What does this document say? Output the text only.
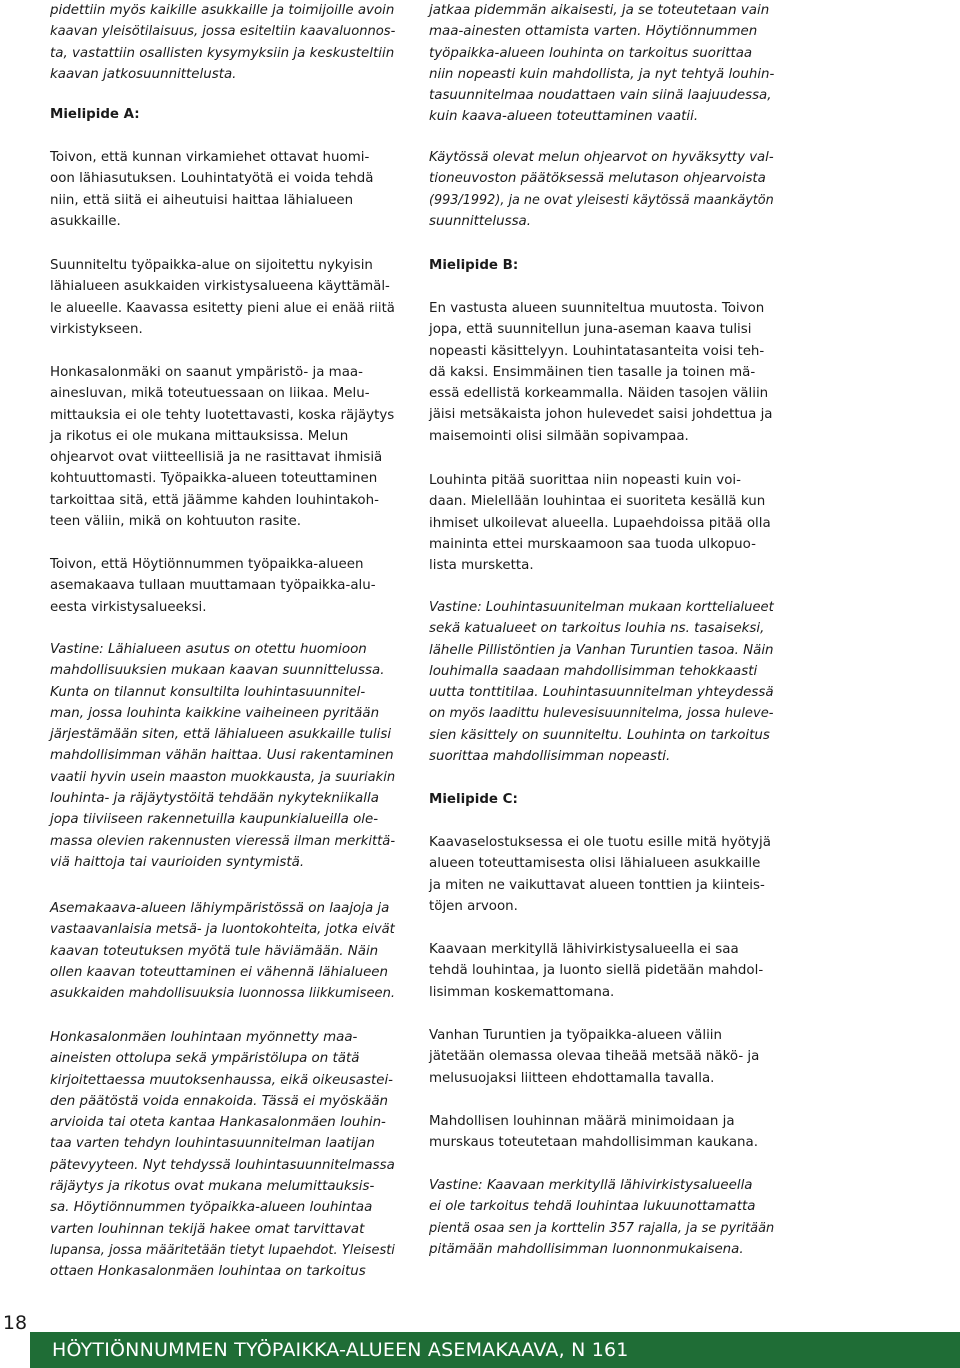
pidettiin myös kaikille asukkaille ja toimijoille avoin
kaavan yleisötilaisuus, jossa esiteltiin kaavaluonnos-
ta, vastattiin osallisten kysymyksiin ja keskusteltiin
kaavan jatkosuunnittelusta.
Mielipide A:
Toivon, että kunnan virkamiehet ottavat huomi-
oon lähiasutuksen. Louhintatyötä ei voida tehdä
niin, että siitä ei aiheutuisi haittaa lähialueen
asukkaille.
Suunniteltu työpaikka-alue on sijoitettu nykyisin
lähialueen asukkaiden virkistysalueena käyttämäl-
le alueelle. Kaavassa esitetty pieni alue ei enää riitä
virkistykseen.
Honkasalonmäki on saanut ympäristö- ja maa-
ainesluvan, mikä toteutuessaan on liikaa. Melu-
mittauksia ei ole tehty luotettavasti, koska räjäytys
ja rikotus ei ole mukana mittauksissa. Melun
ohjearvot ovat viitteellisiä ja ne rasittavat ihmisiä
kohtuuttomasti. Työpaikka-alueen toteuttaminen
tarkoittaa sitä, että jäämme kahden louhintakoh-
teen väliin, mikä on kohtuuton rasite.
Toivon, että Höytiönnummen työpaikka-alueen
asemakaava tullaan muuttamaan työpaikka-alu-
eesta virkistysalueeksi.
Vastine: Lähialueen asutus on otettu huomioon
mahdollisuuksien mukaan kaavan suunnittelussa.
Kunta on tilannut konsultilta louhintasuunnitel-
man, jossa louhinta kaikkine vaiheineen pyritään
järjestämään siten, että lähialueen asukkaille tulisi
mahdollisimman vähän haittaa. Uusi rakentaminen
vaatii hyvin usein maaston muokkausta, ja suuriakin
louhinta- ja räjäytystöitä tehdään nykytekniikalla
jopa tiiviiseen rakennetuilla kaupunkialueilla ole-
massa olevien rakennusten vieressä ilman merkittä-
viä haittoja tai vaurioiden syntymistä.
Asemakaava-alueen lähiympäristössä on laajoja ja
vastaavanlaisia metsä- ja luontokohteita, jotka eivät
kaavan toteutuksen myötä tule häviämään. Näin
ollen kaavan toteuttaminen ei vähennä lähialueen
asukkaiden mahdollisuuksia luonnossa liikkumiseen.
Honkasalonmäen louhintaan myönnetty maa-
aineisten ottolupa sekä ympäristölupa on tätä
kirjoitettaessa muutoksenhaussa, eikä oikeusastei-
den päätöstä voida ennakoida. Tässä ei myöskään
arvioida tai oteta kantaa Hankasalonmäen louhin-
taa varten tehdyn louhintasuunnitelman laatijan
pätevyyteen. Nyt tehdyssä louhintasuunnitelmassa
räjäytys ja rikotus ovat mukana melumittauksis-
sa. Höytiönnummen työpaikka-alueen louhintaa
varten louhinnan tekijä hakee omat tarvittavat
lupansa, jossa määritetään tietyt lupaehdot. Yleisesti
ottaen Honkasalonmäen louhintaa on tarkoitus
jatkaa pidemmän aikaisesti, ja se toteutetaan vain
maa-ainesten ottamista varten. Höytiönnummen
työpaikka-alueen louhinta on tarkoitus suorittaa
niin nopeasti kuin mahdollista, ja nyt tehtyä louhin-
tasuunnitelmaa noudattaen vain siinä laajuudessa,
kuin kaava-alueen toteuttaminen vaatii.
Käytössä olevat melun ohjearvot on hyväksytty val-
tioneuvoston päätöksessä melutason ohjearvoista
(993/1992), ja ne ovat yleisesti käytössä maankäytön
suunnittelussa.
Mielipide B:
En vastusta alueen suunniteltua muutosta. Toivon
jopa, että suunnitellun juna-aseman kaava tulisi
nopeasti käsittelyyn. Louhintatasanteita voisi teh-
dä kaksi. Ensimmäinen tien tasalle ja toinen mä-
essä edellistä korkeammalla. Näiden tasojen väliin
jäisi metsäkaista johon hulevedet saisi johdettua ja
maisemointi olisi silmään sopivampaa.
Louhinta pitää suorittaa niin nopeasti kuin voi-
daan. Mielellään louhintaa ei suoriteta kesällä kun
ihmiset ulkoilevat alueella. Lupaehdoissa pitää olla
maininta ettei murskaamoon saa tuoda ulkopuo-
lista mursketta.
Vastine: Louhintasuunitelman mukaan korttelialueet
sekä katualueet on tarkoitus louhia ns. tasaiseksi,
lähelle Pillistöntien ja Vanhan Turuntien tasoa. Näin
louhimalla saadaan mahdollisimman tehokkaasti
uutta tonttitilaa. Louhintasuunnitelman yhteydessä
on myös laadittu hulevesisuunnitelma, jossa huleve-
sien käsittely on suunniteltu. Louhinta on tarkoitus
suorittaa mahdollisimman nopeasti.
Mielipide C:
Kaavaselostuksessa ei ole tuotu esille mitä hyötyjä
alueen toteuttamisesta olisi lähialueen asukkaille
ja miten ne vaikuttavat alueen tonttien ja kiinteis-
töjen arvoon.
Kaavaan merkityllä lähivirkistysalueella ei saa
tehdä louhintaa, ja luonto siellä pidetään mahdol-
lisimman koskemattomana.
Vanhan Turuntien ja työpaikka-alueen väliin
jätetään olemassa olevaa tiheää metsää näkö- ja
melusuojaksi liitteen ehdottamalla tavalla.
Mahdollisen louhinnan määrä minimoidaan ja
murskaus toteutetaan mahdollisimman kaukana.
Vastine: Kaavaan merkityllä lähivirkistysalueella
ei ole tarkoitus tehdä louhintaa lukuunottamatta
pientä osaa sen ja korttelin 357 rajalla, ja se pyritään
pitämään mahdollisimman luonnonmukaisena.
18
HÖYTIÖNNUMMEN TYÖPAIKKA-ALUEEN ASEMAKAAVA, N 161
